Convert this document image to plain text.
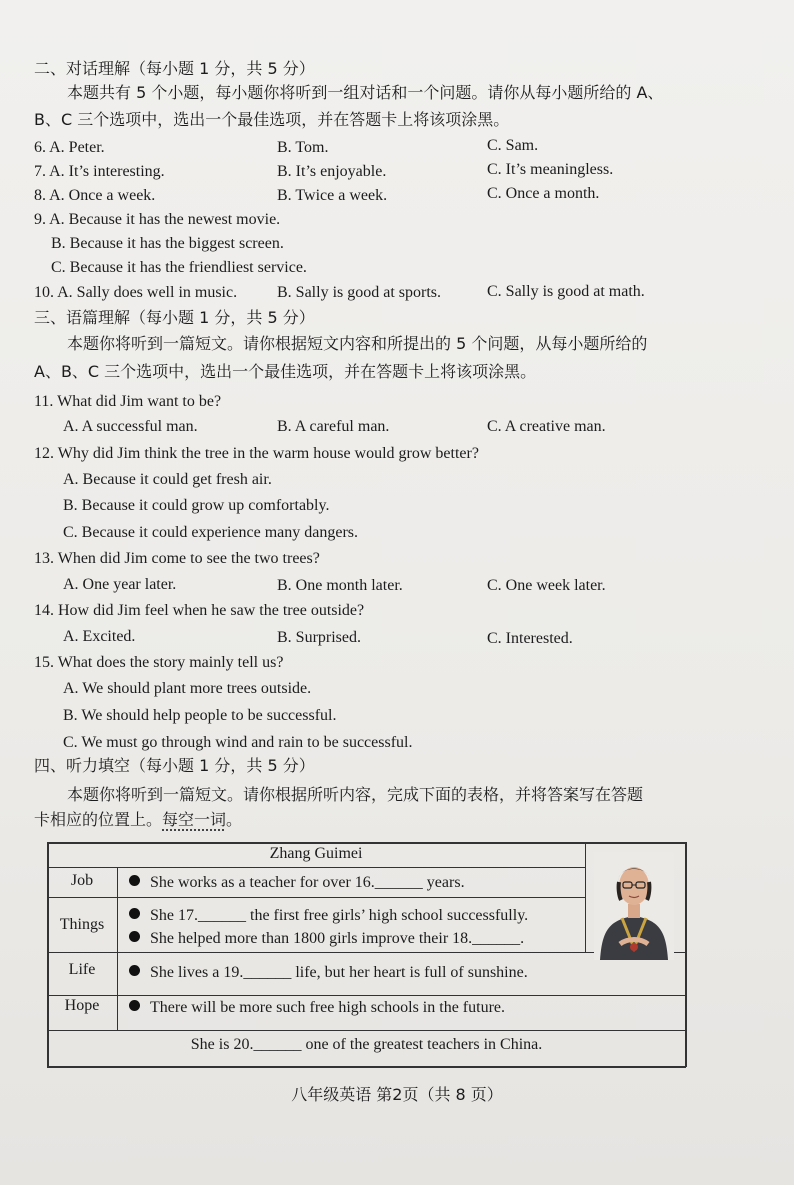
二、对话理解（每小题 1 分，共 5 分）
本题共有 5 个小题，每小题你将听到一组对话和一个问题。请你从每小题所给的 A、
B、C 三个选项中，选出一个最佳选项，并在答题卡上将该项涂黑。
6. A. Peter.	B. Tom.	C. Sam.
7. A. It’s interesting.	B. It’s enjoyable.	C. It’s meaningless.
8. A. Once a week.	B. Twice a week.	C. Once a month.
9. A. Because it has the newest movie.
B. Because it has the biggest screen.
C. Because it has the friendliest service.
10. A. Sally does well in music. B. Sally is good at sports.	C. Sally is good at math.
三、语篇理解（每小题 1 分，共 5 分）
本题你将听到一篇短文。请你根据短文内容和所提出的 5 个问题，从每小题所给的
A、B、C 三个选项中，选出一个最佳选项，并在答题卡上将该项涂黑。
11. What did Jim want to be?
A. A successful man.	B. A careful man.	C. A creative man.
12. Why did Jim think the tree in the warm house would grow better?
A. Because it could get fresh air.
B. Because it could grow up comfortably.
C. Because it could experience many dangers.
13. When did Jim come to see the two trees?
A. One year later.	B. One month later.	C. One week later.
14. How did Jim feel when he saw the tree outside?
A. Excited.	B. Surprised.	C. Interested.
15. What does the story mainly tell us?
A. We should plant more trees outside.
B. We should help people to be successful.
C. We must go through wind and rain to be successful.
四、听力填空（每小题 1 分，共 5 分）
本题你将听到一篇短文。请你根据所听内容，完成下面的表格，并将答案写在答题
卡相应的位置上。每空一词。
Zhang Guimei
Job	She works as a teacher for over 16.______ years.
Things
She 17.______ the first free girls’ high school successfully.
She helped more than 1800 girls improve their 18.______.
Life	She lives a 19.______ life, but her heart is full of sunshine.
Hope	There will be more such free high schools in the future.
She is 20.______ one of the greatest teachers in China.
八年级英语 第2页（共 8 页）
